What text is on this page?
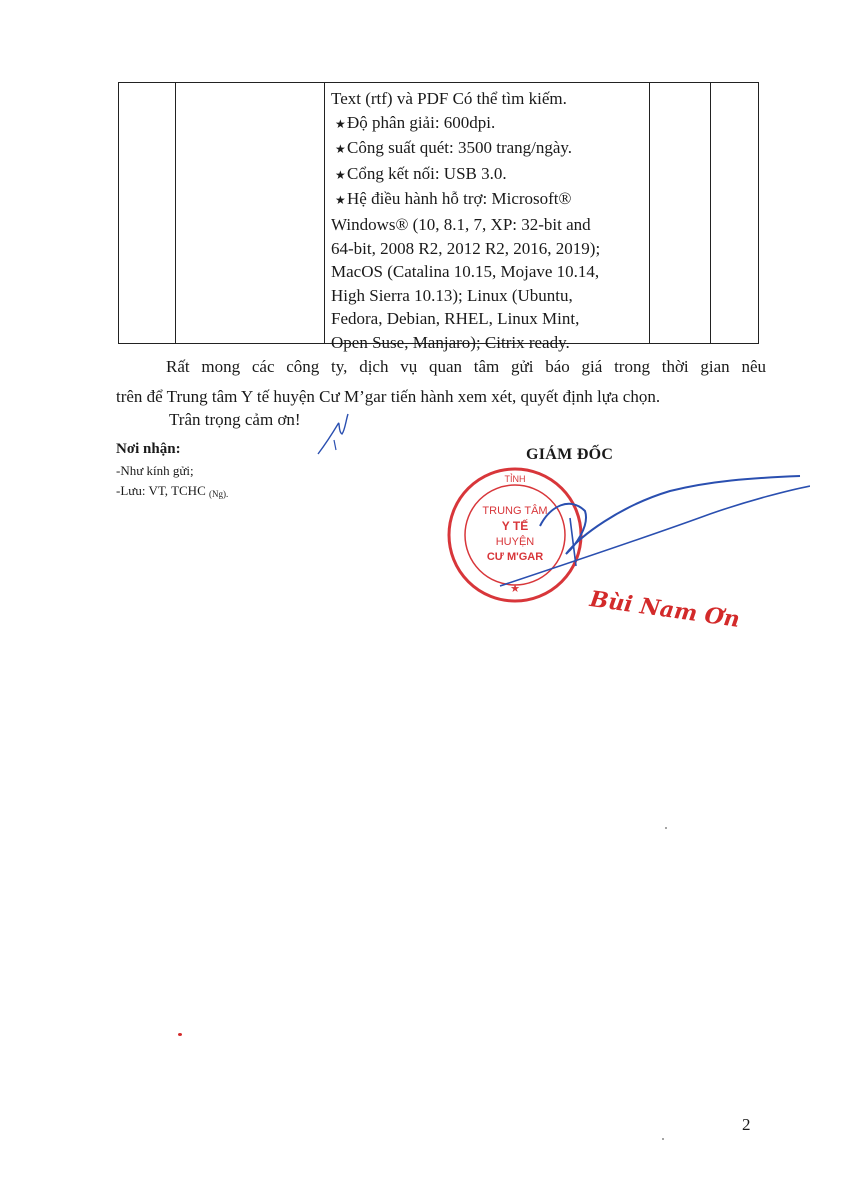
Text (rtf) và PDF Có thể tìm kiếm.
★Độ phân giải: 600dpi.
★Công suất quét: 3500 trang/ngày.
★Cổng kết nối: USB 3.0.
★Hệ điều hành hỗ trợ: Microsoft®
Windows® (10, 8.1, 7, XP: 32-bit and
64-bit, 2008 R2, 2012 R2, 2016, 2019);
MacOS (Catalina 10.15, Mojave 10.14,
High Sierra 10.13); Linux (Ubuntu,
Fedora, Debian, RHEL, Linux Mint,
Open Suse, Manjaro); Citrix ready.
Rất mong các công ty, dịch vụ quan tâm gửi báo giá trong thời gian nêu
trên để Trung tâm Y tế huyện Cư M’gar tiến hành xem xét, quyết định lựa chọn.
Trân trọng cảm ơn!
Nơi nhận:
-Như kính gửi;
-Lưu: VT, TCHC (Ng).
GIÁM ĐỐC
TỈNH
TRUNG TÂM
Y TẾ
HUYỆN
CƯ M'GAR
★	Bùi Nam Ơn
2
